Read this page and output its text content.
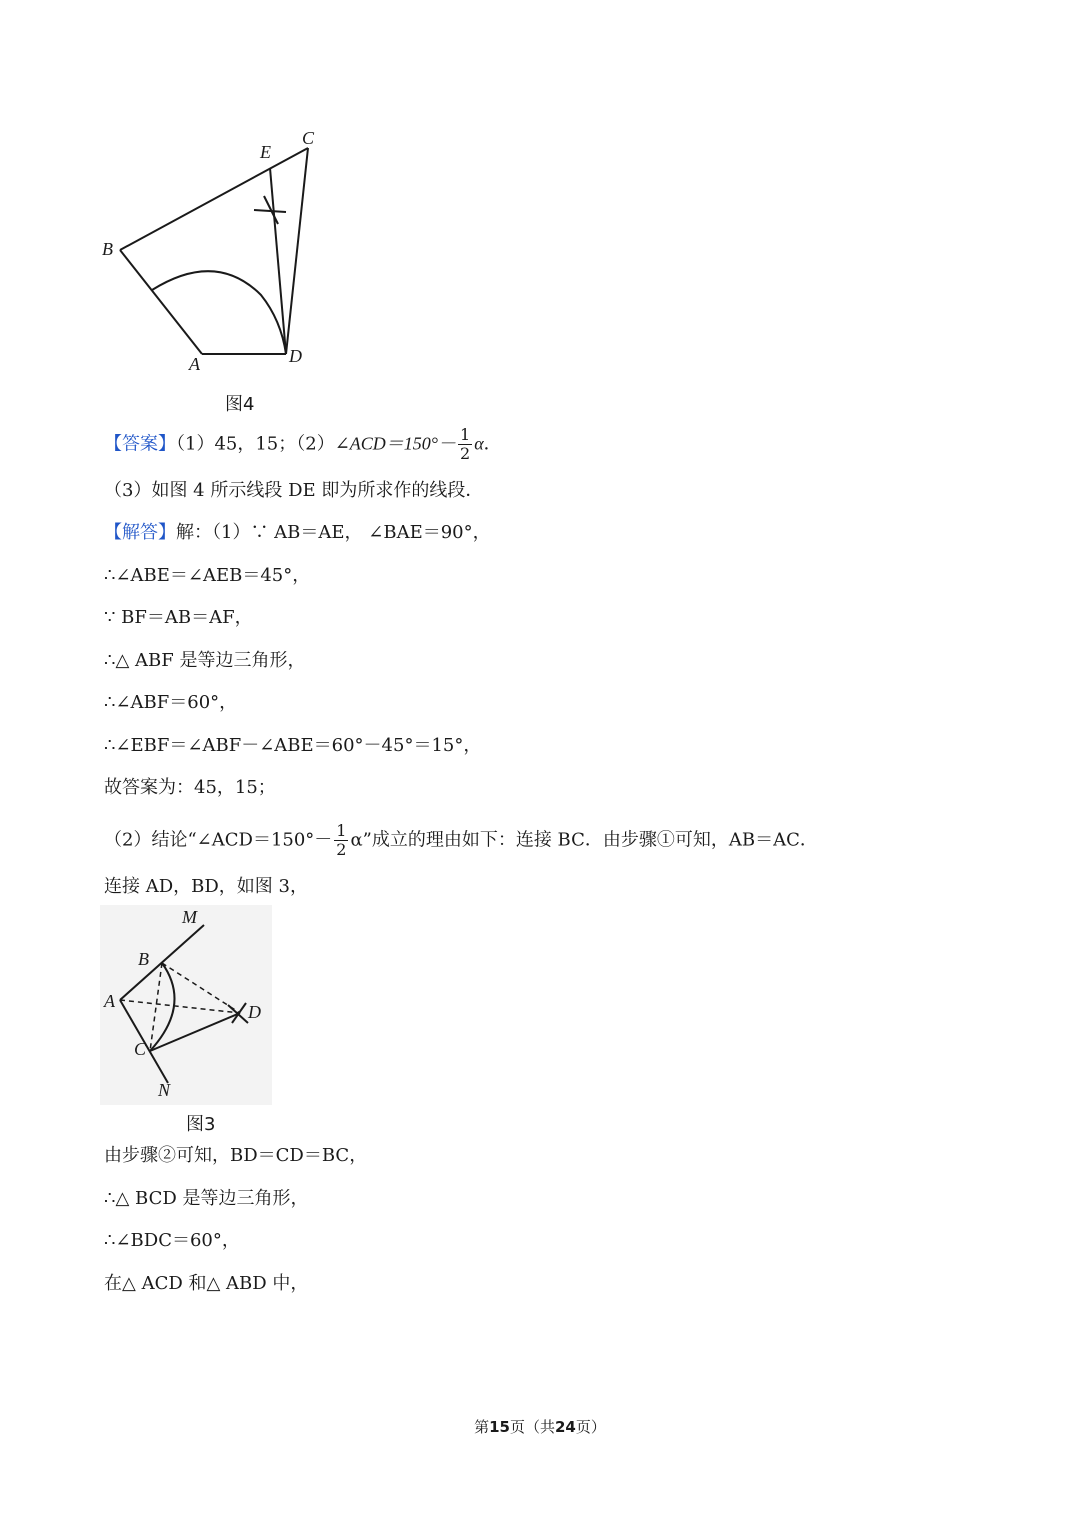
B
E
C
A	D
图4
【答案】（1）45，15；（2）∠ACD＝150°－ $\frac{1}{2}$ α．
（3）如图 4 所示线段 DE 即为所求作的线段．
【解答】解：（1）∵ AB＝AE， ∠BAE＝90°，
∴∠ABE＝∠AEB＝45°，
∵ BF＝AB＝AF，
∴△ ABF 是等边三角形，
∴∠ABF＝60°，
∴∠EBF＝∠ABF－∠ABE＝60°－45°＝15°，
故答案为：45，15；
（2）结论“∠ACD＝150°－ $\frac{1}{2} \alpha$”成立的理由如下：连接 BC．由步骤①可知，AB＝AC．
连接 AD，BD，如图 3，
M
B
A
D
C
N
图3
由步骤②可知，BD＝CD＝BC，
∴△ BCD 是等边三角形，
∴∠BDC＝60°，
在△ ACD 和△ ABD 中，
第15页（共24页）
